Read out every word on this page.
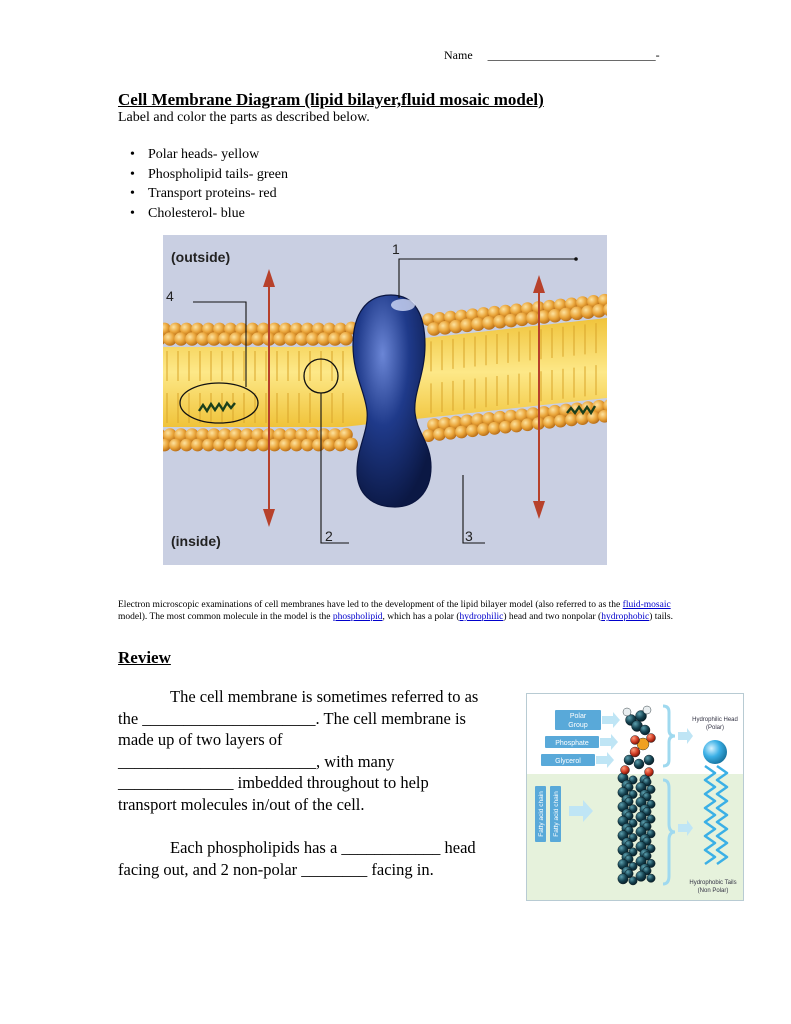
Name ____________________________-
Cell Membrane Diagram (lipid bilayer,fluid mosaic model)
Label and color the parts as described below.
• Polar heads- yellow
• Phospholipid tails- green
• Transport proteins- red
• Cholesterol- blue
(outside)
(inside)
1
4
2	3
Electron microscopic examinations of cell membranes have led to the development of the lipid bilayer model (also referred to as the fluid-mosaic model). The most common molecule in the model is the phospholipid, which has a polar (hydrophilic) head and two nonpolar (hydrophobic) tails.
Review

The cell membrane is sometimes referred to as

the _____________________. The cell membrane is

made up of two layers of

________________________, with many

______________ imbedded throughout to help

transport molecules in/out of the cell.

Each phospholipids has a ____________ head

facing out, and 2 non-polar ________ facing in.

Polar
Group
Phosphate
Glycerol
Fatty acid chain Fatty acid chain
Hydrophilic Head
(Polar)
Hydrophobic Tails
(Non Polar)
